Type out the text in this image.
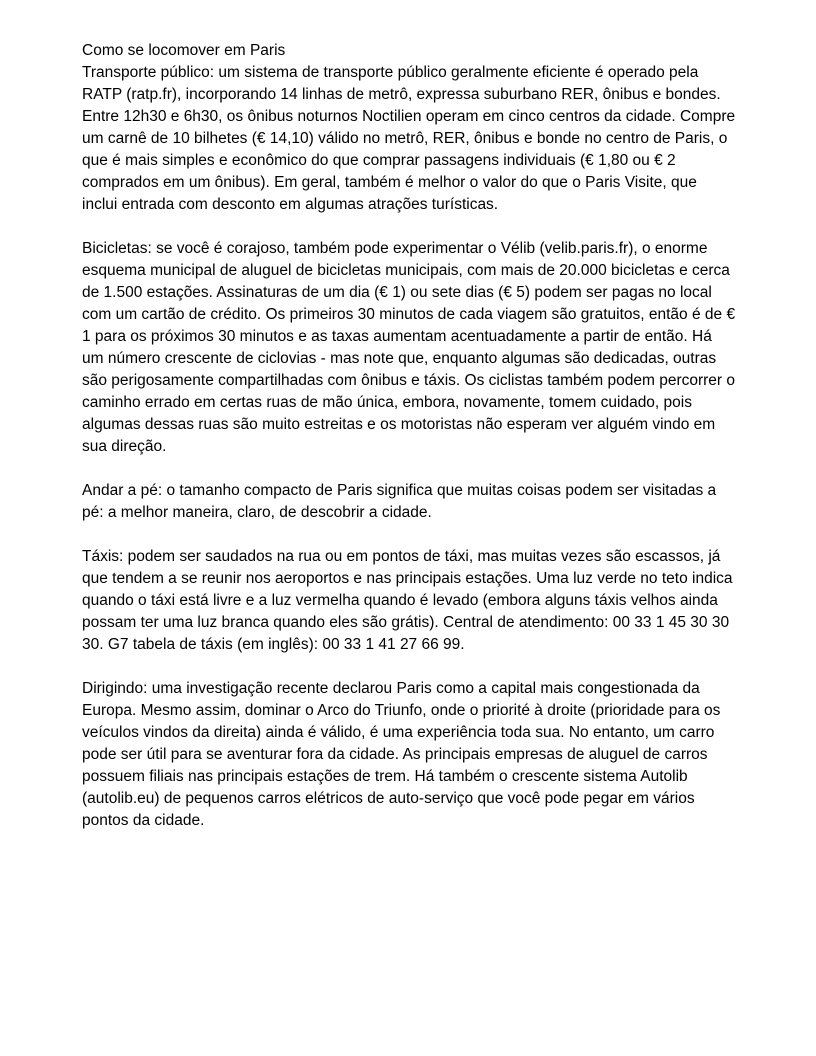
Como se locomover em Paris

Transporte público: um sistema de transporte público geralmente eficiente é operado pela RATP (ratp.fr), incorporando 14 linhas de metrô, expressa suburbano RER, ônibus e bondes. Entre 12h30 e 6h30, os ônibus noturnos Noctilien operam em cinco centros da cidade. Compre um carnê de 10 bilhetes (€ 14,10) válido no metrô, RER, ônibus e bonde no centro de Paris, o que é mais simples e econômico do que comprar passagens individuais (€ 1,80 ou € 2 comprados em um ônibus). Em geral, também é melhor o valor do que o Paris Visite, que inclui entrada com desconto em algumas atrações turísticas.

Bicicletas: se você é corajoso, também pode experimentar o Vélib (velib.paris.fr), o enorme esquema municipal de aluguel de bicicletas municipais, com mais de 20.000 bicicletas e cerca de 1.500 estações. Assinaturas de um dia (€ 1) ou sete dias (€ 5) podem ser pagas no local com um cartão de crédito. Os primeiros 30 minutos de cada viagem são gratuitos, então é de € 1 para os próximos 30 minutos e as taxas aumentam acentuadamente a partir de então. Há um número crescente de ciclovias - mas note que, enquanto algumas são dedicadas, outras são perigosamente compartilhadas com ônibus e táxis. Os ciclistas também podem percorrer o caminho errado em certas ruas de mão única, embora, novamente, tomem cuidado, pois algumas dessas ruas são muito estreitas e os motoristas não esperam ver alguém vindo em sua direção.

Andar a pé: o tamanho compacto de Paris significa que muitas coisas podem ser visitadas a pé: a melhor maneira, claro, de descobrir a cidade.

Táxis: podem ser saudados na rua ou em pontos de táxi, mas muitas vezes são escassos, já que tendem a se reunir nos aeroportos e nas principais estações. Uma luz verde no teto indica quando o táxi está livre e a luz vermelha quando é levado (embora alguns táxis velhos ainda possam ter uma luz branca quando eles são grátis). Central de atendimento: 00 33 1 45 30 30 30. G7 tabela de táxis (em inglês): 00 33 1 41 27 66 99.

Dirigindo: uma investigação recente declarou Paris como a capital mais congestionada da Europa. Mesmo assim, dominar o Arco do Triunfo, onde o priorité à droite (prioridade para os veículos vindos da direita) ainda é válido, é uma experiência toda sua. No entanto, um carro pode ser útil para se aventurar fora da cidade. As principais empresas de aluguel de carros possuem filiais nas principais estações de trem. Há também o crescente sistema Autolib (autolib.eu) de pequenos carros elétricos de auto-serviço que você pode pegar em vários pontos da cidade.
